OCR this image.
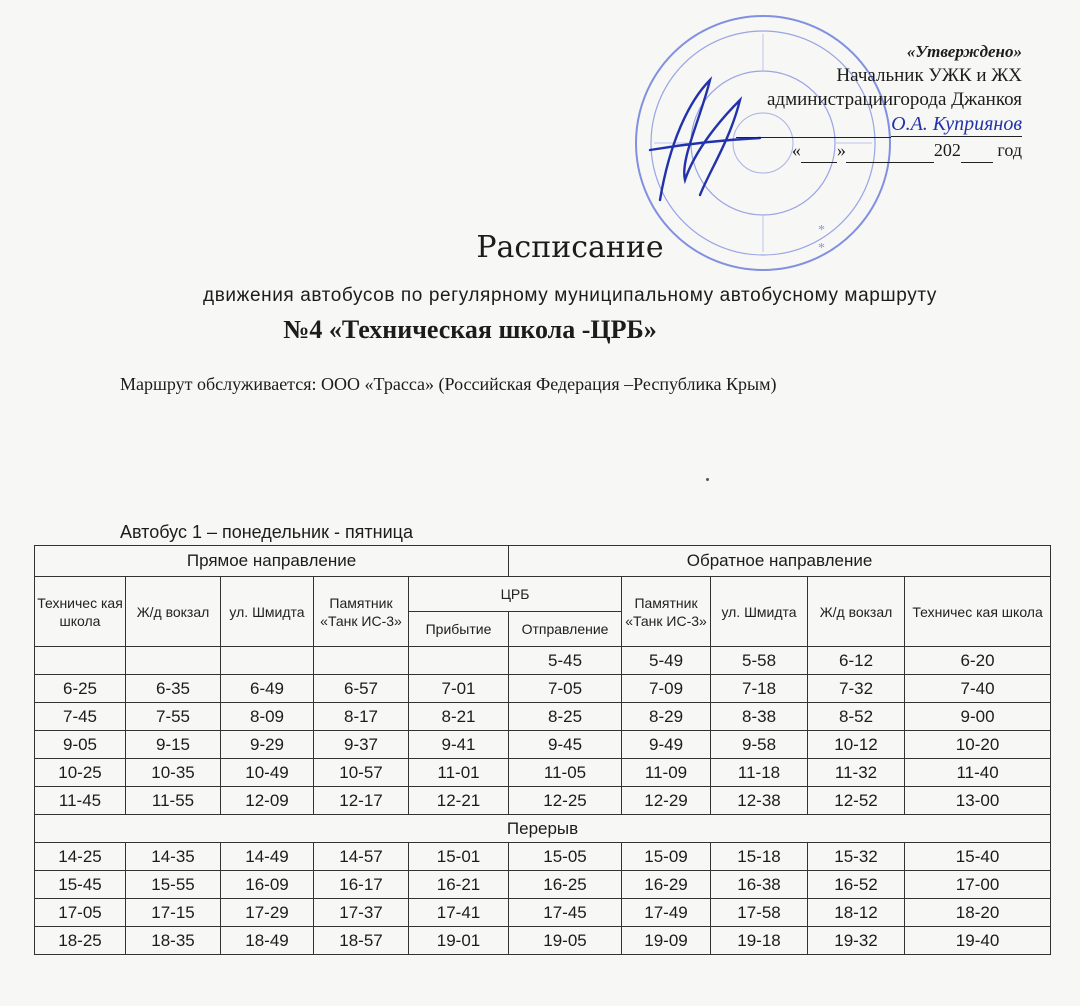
*
*
«Утверждено»
Начальник УЖК и ЖХ
администрациигорода Джанкоя
О.А. Куприянов
« »	202 год
Расписание
движения автобусов по регулярному муниципальному автобусному маршруту
№4 «Техническая школа -ЦРБ»
Маршрут обслуживается: ООО «Трасса» (Российская Федерация –Республика Крым)
Автобус 1 – понедельник - пятница
Прямое направление					Обратное направление				
Техничес кая школа	Ж/д вокзал	ул. Шмидта	Памятник «Танк ИС-3»	ЦРБ		Памятник «Танк ИС-3»	ул. Шмидта	Ж/д вокзал	Техничес кая школа
				Прибытие	Отправление				
					5-45	5-49	5-58	6-12	6-20
6-25	6-35	6-49	6-57	7-01	7-05	7-09	7-18	7-32	7-40
7-45	7-55	8-09	8-17	8-21	8-25	8-29	8-38	8-52	9-00
9-05	9-15	9-29	9-37	9-41	9-45	9-49	9-58	10-12	10-20
10-25	10-35	10-49	10-57	11-01	11-05	11-09	11-18	11-32	11-40
11-45	11-55	12-09	12-17	12-21	12-25	12-29	12-38	12-52	13-00
Перерыв									
14-25	14-35	14-49	14-57	15-01	15-05	15-09	15-18	15-32	15-40
15-45	15-55	16-09	16-17	16-21	16-25	16-29	16-38	16-52	17-00
17-05	17-15	17-29	17-37	17-41	17-45	17-49	17-58	18-12	18-20
18-25	18-35	18-49	18-57	19-01	19-05	19-09	19-18	19-32	19-40
